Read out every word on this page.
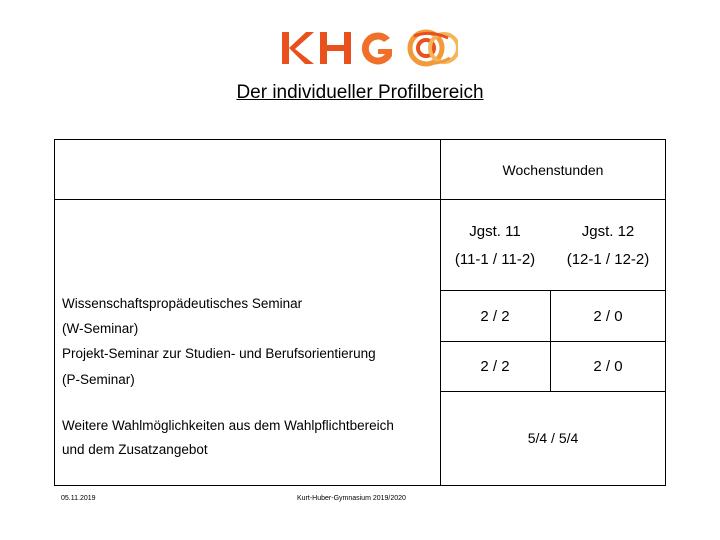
Der individueller Profilbereich
Wochenstunden
Jgst. 11	Jgst. 12
(11-1 / 11-2)	(12-1 / 12-2)
Wissenschaftspropädeutisches Seminar
(W-Seminar)
2 / 2	2 / 0
Projekt-Seminar zur Studien- und Berufsorientierung
(P-Seminar)
2 / 2	2 / 0
Weitere Wahlmöglichkeiten aus dem Wahlpflichtbereich
und dem Zusatzangebot
5/4 / 5/4
05.11.2019	Kurt-Huber-Gymnasium 2019/2020
